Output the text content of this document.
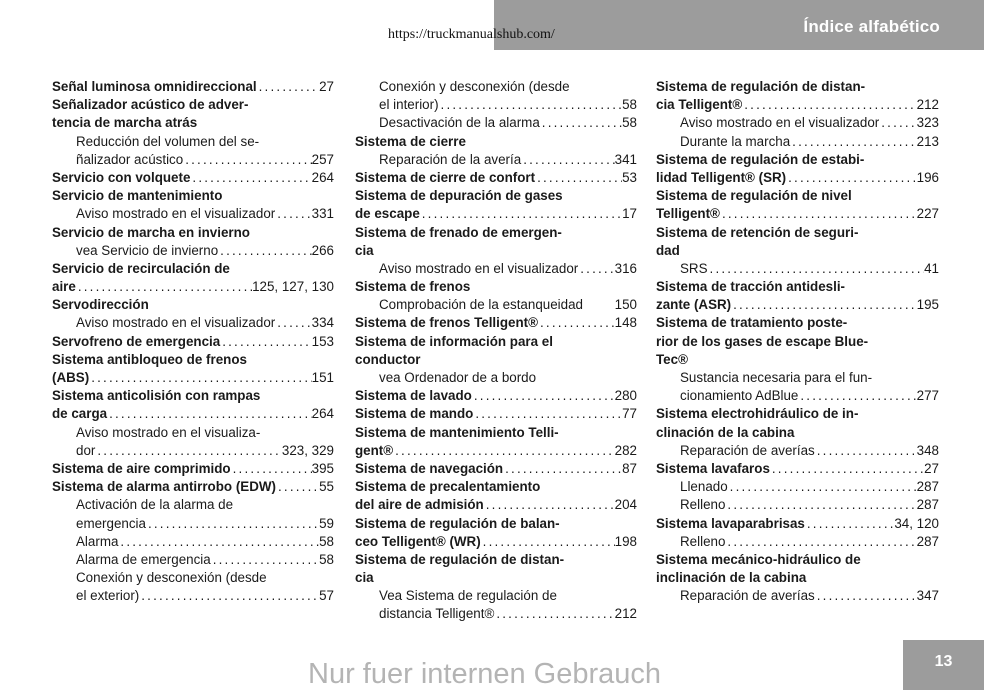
Índice alfabético
https://truckmanualshub.com/
Señal luminosa omnidireccional .....	27
Señalizador acústico de adver-
tencia de marcha atrás
Reducción del volumen del se-
ñalizador acústico .....	257
Servicio con volquete .....	264
Servicio de mantenimiento
Aviso mostrado en el visualizador .....	331
Servicio de marcha en invierno
vea Servicio de invierno .....	266
Servicio de recirculación de
aire .....	125, 127, 130
Servodirección
Aviso mostrado en el visualizador .....	334
Servofreno de emergencia .....	153
Sistema antibloqueo de frenos
(ABS) .....	151
Sistema anticolisión con rampas
de carga .....	264
Aviso mostrado en el visualiza-
dor .....	323, 329
Sistema de aire comprimido .....	395
Sistema de alarma antirrobo (EDW) .....	55
Activación de la alarma de
emergencia .....	59
Alarma .....	58
Alarma de emergencia .....	58
Conexión y desconexión (desde
el exterior) .....	57
Conexión y desconexión (desde
el interior) .....	58
Desactivación de la alarma .....	58
Sistema de cierre
Reparación de la avería .....	341
Sistema de cierre de confort .....	53
Sistema de depuración de gases
de escape .....	17
Sistema de frenado de emergen-
cia
Aviso mostrado en el visualizador .....	316
Sistema de frenos
Comprobación de la estanqueidad 150
Sistema de frenos Telligent® .....	148
Sistema de información para el
conductor
vea Ordenador de a bordo
Sistema de lavado .....	280
Sistema de mando .....	77
Sistema de mantenimiento Telli-
gent® .....	282
Sistema de navegación .....	87
Sistema de precalentamiento
del aire de admisión .....	204
Sistema de regulación de balan-
ceo Telligent® (WR) .....	198
Sistema de regulación de distan-
cia
Vea Sistema de regulación de
distancia Telligent® .....	212
Sistema de regulación de distan-
cia Telligent® .....	212
Aviso mostrado en el visualizador .....	323
Durante la marcha .....	213
Sistema de regulación de estabi-
lidad Telligent® (SR) .....	196
Sistema de regulación de nivel
Telligent® .....	227
Sistema de retención de seguri-
dad
SRS .....	41
Sistema de tracción antidesli-
zante (ASR) .....	195
Sistema de tratamiento poste-
rior de los gases de escape Blue-
Tec®
Sustancia necesaria para el fun-
cionamiento AdBlue .....	277
Sistema electrohidráulico de in-
clinación de la cabina
Reparación de averías .....	348
Sistema lavafaros .....	27
Llenado .....	287
Relleno .....	287
Sistema lavaparabrisas .....	34, 120
Relleno .....	287
Sistema mecánico-hidráulico de
inclinación de la cabina
Reparación de averías .....	347
13
Nur fuer internen Gebrauch
